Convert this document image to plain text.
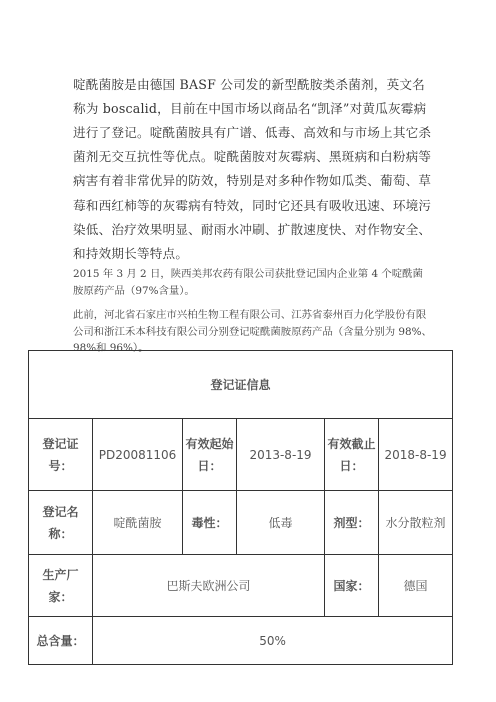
啶酰菌胺是由德国 BASF 公司发的新型酰胺类杀菌剂，英文名称为 boscalid，目前在中国市场以商品名“凯泽”对黄瓜灰霉病进行了登记。啶酰菌胺具有广谱、低毒、高效和与市场上其它杀菌剂无交互抗性等优点。啶酰菌胺对灰霉病、黑斑病和白粉病等病害有着非常优异的防效，特别是对多种作物如瓜类、葡萄、草莓和西红柿等的灰霉病有特效，同时它还具有吸收迅速、环境污染低、治疗效果明显、耐雨水冲刷、扩散速度快、对作物安全、和持效期长等特点。

2015 年 3 月 2 日，陕西美邦农药有限公司获批登记国内企业第 4 个啶酰菌胺原药产品（97%含量）。

此前，河北省石家庄市兴柏生物工程有限公司、江苏省泰州百力化学股份有限公司和浙江禾本科技有限公司分别登记啶酰菌胺原药产品（含量分别为 98%、98%和 96%）。

登记证信息					
登记证号：	PD20081106	有效起始日：	2013-8-19	有效截止日：	2018-8-19
登记名称：	啶酰菌胺	毒性：	低毒	剂型：	水分散粒剂
生产厂家：	巴斯夫欧洲公司			国家：	德国
总含量：	50%				
